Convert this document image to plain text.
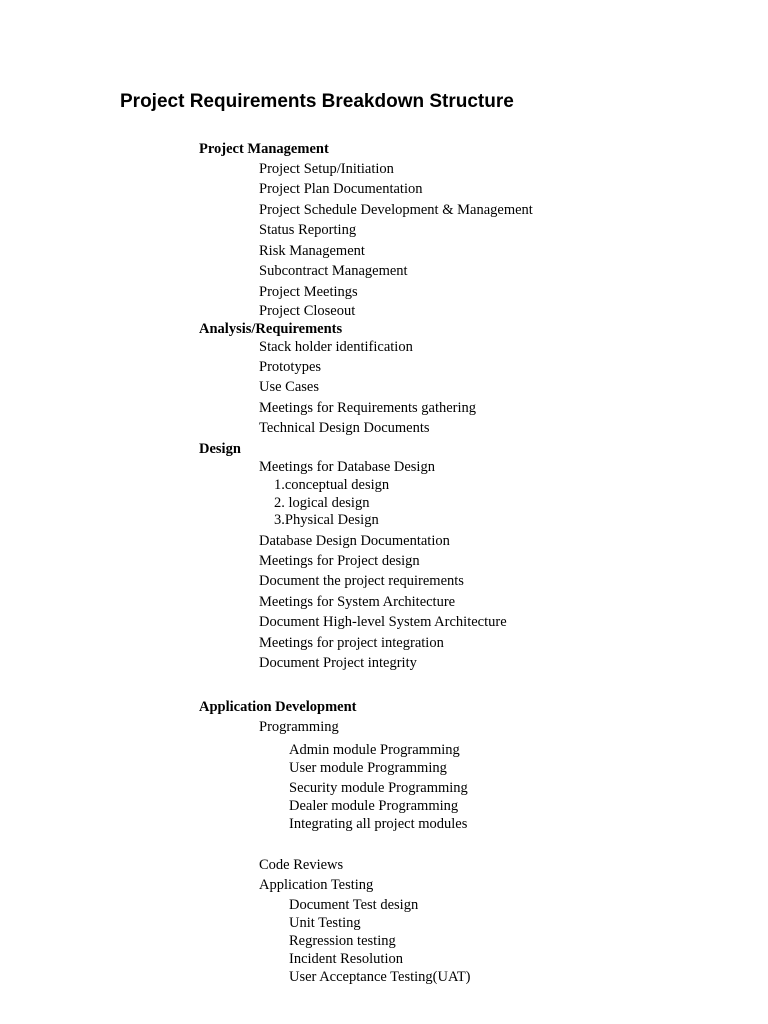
Project Requirements Breakdown Structure
Project Management
Project Setup/Initiation
Project Plan Documentation
Project Schedule Development & Management
Status Reporting
Risk Management
Subcontract Management
Project Meetings
Project Closeout
Analysis/Requirements
Stack holder identification
Prototypes
Use Cases
Meetings for Requirements gathering
Technical Design Documents
Design
Meetings for Database Design
1.conceptual design
2. logical design
3.Physical Design
Database Design Documentation
Meetings for Project design
Document the project requirements
Meetings for System Architecture
Document High-level System Architecture
Meetings for project integration
Document Project integrity
Application Development
Programming
Admin module Programming
User module Programming
Security module Programming
Dealer module Programming
Integrating all project modules
Code Reviews
Application Testing
Document Test design
Unit Testing
Regression testing
Incident Resolution
User Acceptance Testing(UAT)
